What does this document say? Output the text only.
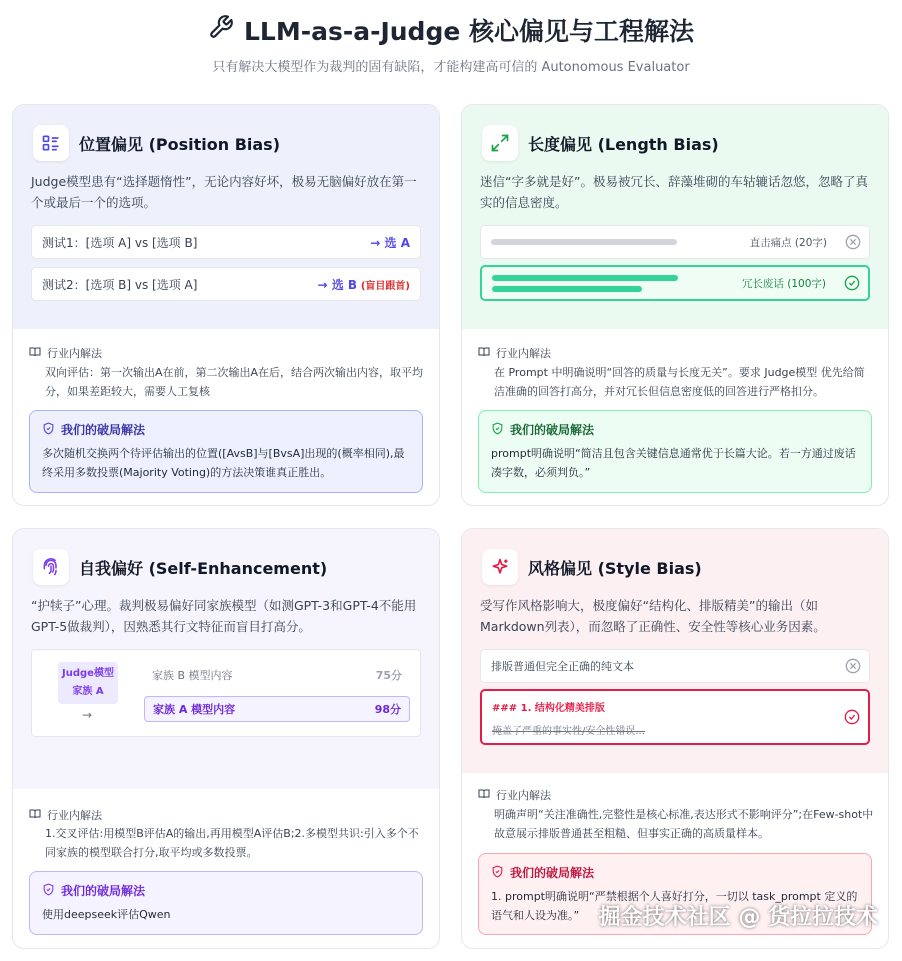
LLM-as-a-Judge 核心偏见与工程解法
只有解决大模型作为裁判的固有缺陷，才能构建高可信的 Autonomous Evaluator
位置偏见 (Position Bias)
Judge模型患有“选择题惰性”，无论内容好坏，极易无脑偏好放在第一个或最后一个的选项。
测试1：[选项 A] vs [选项 B]	→ 选 A
测试2：[选项 B] vs [选项 A]	→ 选 B (盲目跟首)
行业内解法
双向评估：第一次输出A在前，第二次输出A在后，结合两次输出内容，取平均分，如果差距较大，需要人工复核
我们的破局解法
多次随机交换两个待评估输出的位置([AvsB]与[BvsA]出现的(概率相同),最终采用多数投票(Majority Voting)的方法决策谁真正胜出。
长度偏见 (Length Bias)
迷信“字多就是好”。极易被冗长、辞藻堆砌的车轱辘话忽悠，忽略了真实的信息密度。
直击痛点 (20字)
冗长废话 (100字)
行业内解法
在 Prompt 中明确说明“回答的质量与长度无关”。要求 Judge模型 优先给简洁准确的回答打高分，并对冗长但信息密度低的回答进行严格扣分。
我们的破局解法
prompt明确说明“简洁且包含关键信息通常优于长篇大论。若一方通过废话凑字数，必须判负。”
自我偏好 (Self-Enhancement)
“护犊子”心理。裁判极易偏好同家族模型（如测GPT-3和GPT-4不能用GPT-5做裁判），因熟悉其行文特征而盲目打高分。
Judge模型
家族 A
→
家族 B 模型内容	75分
家族 A 模型内容	98分
行业内解法
1.交叉评估:用模型B评估A的输出,再用模型A评估B;2.多模型共识:引入多个不同家族的模型联合打分,取平均或多数投票。
我们的破局解法
使用deepseek评估Qwen
风格偏见 (Style Bias)
受写作风格影响大，极度偏好“结构化、排版精美”的输出（如Markdown列表），而忽略了正确性、安全性等核心业务因素。
排版普通但完全正确的纯文本
### 1. 结构化精美排版
掩盖了严重的事实性/安全性错误...
行业内解法
明确声明“关注准确性,完整性是核心标准,表达形式不影响评分”;在Few-shot中故意展示排版普通甚至粗糙、但事实正确的高质量样本。
我们的破局解法
1. prompt明确说明“严禁根据个人喜好打分，一切以 task_prompt 定义的语气和人设为准。” 掘金技术社区 @ 货拉拉技术
